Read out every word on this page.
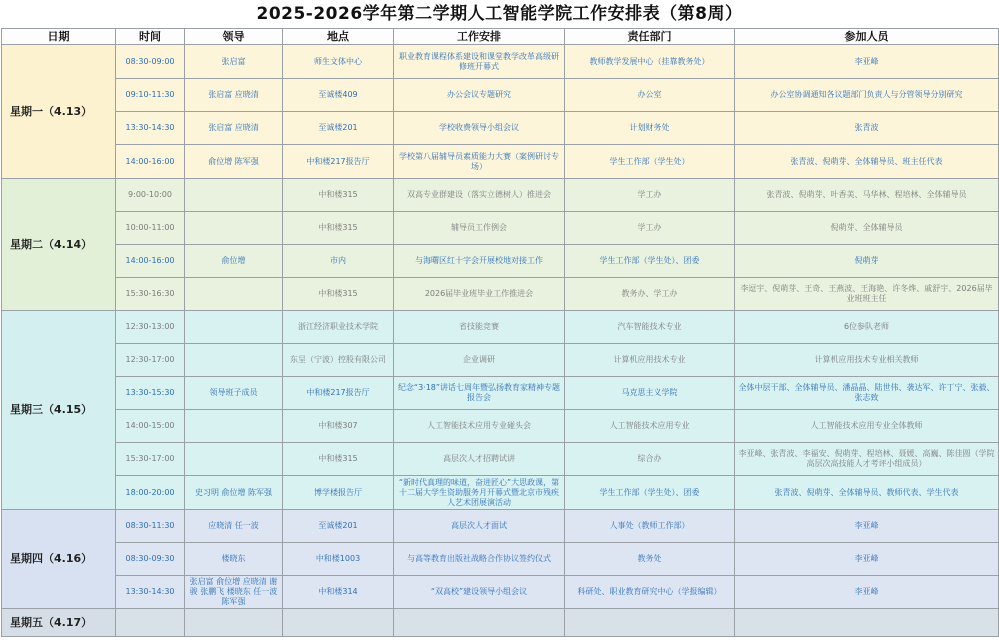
2025-2026学年第二学期人工智能学院工作安排表（第8周）
日期	时间	领导	地点	工作安排	责任部门	参加人员
星期一（4.13）	08:30-09:00	张启富	师生文体中心	职业教育课程体系建设和课堂教学改革高级研修班开幕式	教师教学发展中心（挂靠教务处）	李亚峰
	09:10-11:30	张启富 应晓清	至诚楼409	办公会议专题研究	办公室	办公室协调通知各议题部门负责人与分管领导分别研究
	13:30-14:30	张启富 应晓清	至诚楼201	学校收费领导小组会议	计划财务处	张青波
	14:00-16:00	俞位增 陈军强	中和楼217报告厅	学校第八届辅导员素质能力大赛（案例研讨专场）	学生工作部（学生处）	张青波、倪萌芽、全体辅导员、班主任代表
星期二（4.14）	9:00-10:00		中和楼315	双高专业群建设（落实立德树人）推进会	学工办	张青波、倪萌芽、叶香美、马华林、程培林、全体辅导员
	10:00-11:00		中和楼315	辅导员工作例会	学工办	倪萌芽、全体辅导员
	14:00-16:00	俞位增	市内	与海曙区红十字会开展校地对接工作	学生工作部（学生处）、团委	倪萌芽
	15:30-16:30		中和楼315	2026届毕业班毕业工作推进会	教务办、学工办	李逗宇、倪萌芽、王奇、王燕波、王海艳、许冬烨、戚舒宇、2026届毕业班班主任
星期三（4.15）	12:30-13:00		浙江经济职业技术学院	省技能竞赛	汽车智能技术专业	6位参队老师
	12:30-17:00		东呈（宁波）控股有限公司	企业调研	计算机应用技术专业	计算机应用技术专业相关教师
	13:30-15:30	领导班子成员	中和楼217报告厅	纪念“3·18”讲话七周年暨弘扬教育家精神专题报告会	马克思主义学院	全体中层干部、全体辅导员、潘晶晶、陆世伟、袭达军、许丁宁、张毅、张志致
	14:00-15:00		中和楼307	人工智能技术应用专业碰头会	人工智能技术应用专业	人工智能技术应用专业全体教师
	15:30-17:00		中和楼315	高层次人才招聘试讲	综合办	李亚峰、张青波、李福安、倪萌芽、程培林、聂媛、高巍、陈佳圆（学院高层次高技能人才考评小组成员）
	18:00-20:00	史习明 俞位增 陈军强	博学楼报告厅	“新时代真理的味道，奋进匠心”大思政课，第十二届大学生资助服务月开幕式暨北京市残疾人艺术团展演活动	学生工作部（学生处）、团委	张青波、倪萌芽、全体辅导员、教师代表、学生代表
星期四（4.16）	08:30-11:30	应晓清 任一波	至诚楼201	高层次人才面试	人事处（教师工作部）	李亚峰
	08:30-09:30	楼晓东	中和楼1003	与高等教育出版社战略合作协议签约仪式	教务处	李亚峰
	13:30-14:30	张启富 俞位增 应晓清 谢骏 张鹏飞 楼晓东 任一波 陈军强	中和楼314	“双高校”建设领导小组会议	科研处、职业教育研究中心（学报编辑）	李亚峰
星期五（4.17）						
